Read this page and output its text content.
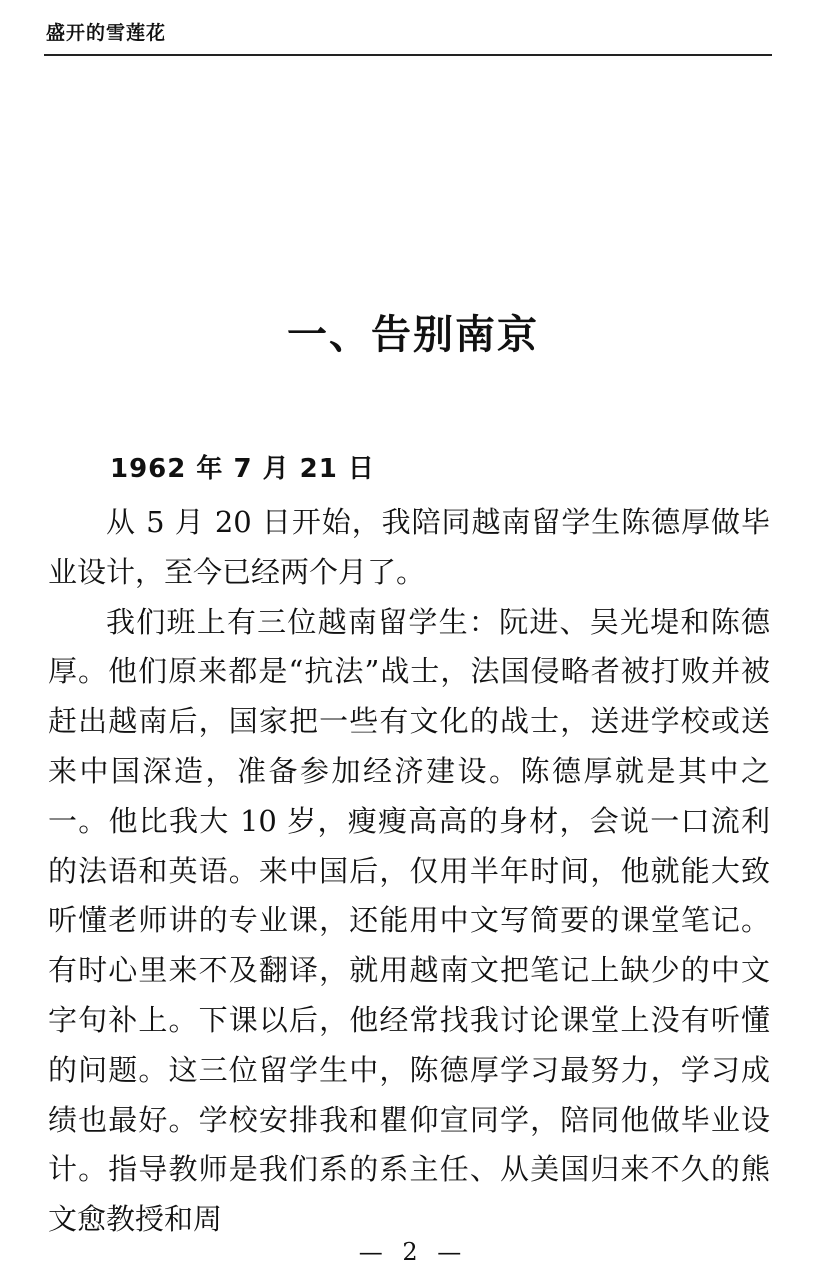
盛开的雪莲花
一、告别南京
1962 年 7 月 21 日

从 5 月 20 日开始，我陪同越南留学生陈德厚做毕业设计，至今已经两个月了。

我们班上有三位越南留学生：阮进、吴光堤和陈德厚。他们原来都是“抗法”战士，法国侵略者被打败并被赶出越南后，国家把一些有文化的战士，送进学校或送来中国深造，准备参加经济建设。陈德厚就是其中之一。他比我大 10 岁，瘦瘦高高的身材，会说一口流利的法语和英语。来中国后，仅用半年时间，他就能大致听懂老师讲的专业课，还能用中文写简要的课堂笔记。有时心里来不及翻译，就用越南文把笔记上缺少的中文字句补上。下课以后，他经常找我讨论课堂上没有听懂的问题。这三位留学生中，陈德厚学习最努力，学习成绩也最好。学校安排我和瞿仰宣同学，陪同他做毕业设计。指导教师是我们系的系主任、从美国归来不久的熊文愈教授和周

— 2 —
